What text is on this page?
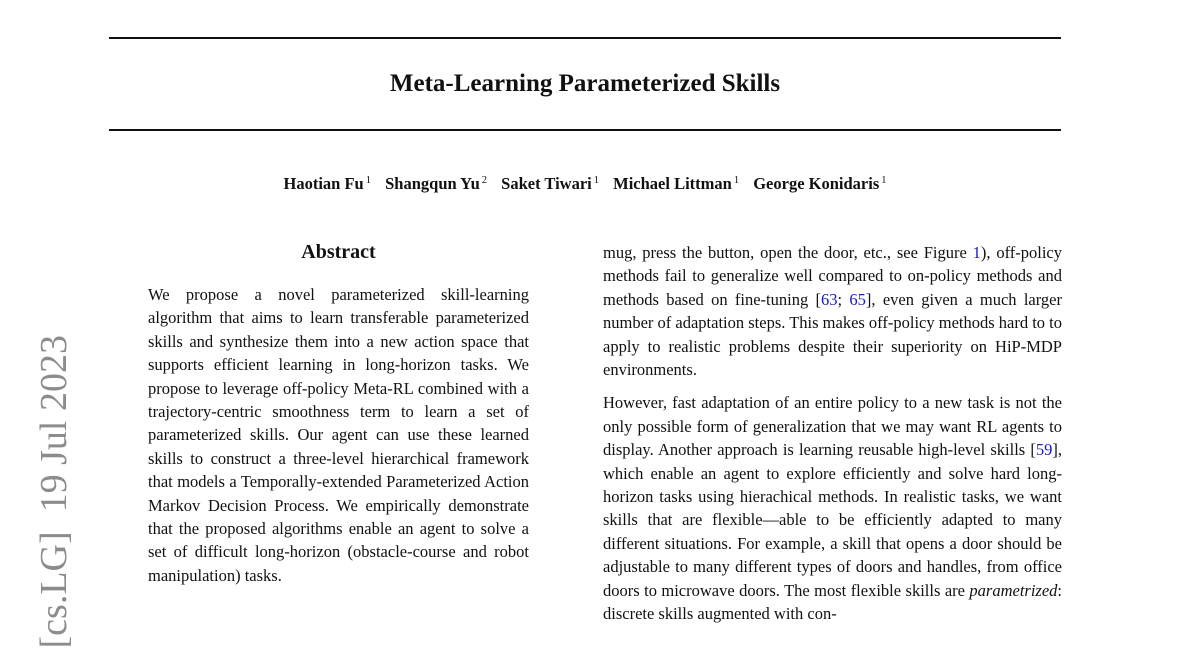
Meta-Learning Parameterized Skills
Haotian Fu $^1$ Shangqun Yu $^2$ Saket Tiwari $^1$ Michael Littman $^1$ George Konidaris $^1$
[cs.LG]  19 Jul 2023
Abstract
We propose a novel parameterized skill-learning algorithm that aims to learn transferable parameterized skills and synthesize them into a new action space that supports efficient learning in long-horizon tasks. We propose to leverage off-policy Meta-RL combined with a trajectory-centric smoothness term to learn a set of parameterized skills. Our agent can use these learned skills to construct a three-level hierarchical framework that models a Temporally-extended Parameterized Action Markov Decision Process. We empirically demonstrate that the proposed algorithms enable an agent to solve a set of difficult long-horizon (obstacle-course and robot manipulation) tasks.

mug, press the button, open the door, etc., see Figure 1), off-policy methods fail to generalize well compared to on-policy methods and methods based on fine-tuning [63; 65], even given a much larger number of adaptation steps. This makes off-policy methods hard to to apply to realistic problems despite their superiority on HiP-MDP environments.

However, fast adaptation of an entire policy to a new task is not the only possible form of generalization that we may want RL agents to display. Another approach is learning reusable high-level skills [59], which enable an agent to explore efficiently and solve hard long-horizon tasks using hierachical methods. In realistic tasks, we want skills that are flexible—able to be efficiently adapted to many different situations. For example, a skill that opens a door should be adjustable to many different types of doors and handles, from office doors to microwave doors. The most flexible skills are parametrized: discrete skills augmented with con-
